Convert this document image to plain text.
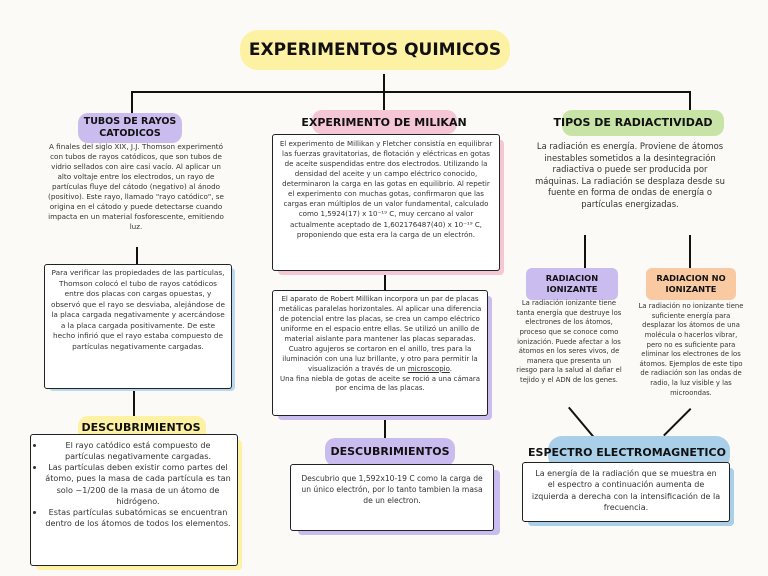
EXPERIMENTOS QUIMICOS
TUBOS DE RAYOS CATODICOS
A finales del siglo XIX, J.J. Thomson experimentó con tubos de rayos catódicos, que son tubos de vidrio sellados con aire casi vacío. Al aplicar un alto voltaje entre los electrodos, un rayo de partículas fluye del cátodo (negativo) al ánodo (positivo). Este rayo, llamado "rayo catódico", se origina en el cátodo y puede detectarse cuando impacta en un material fosforescente, emitiendo luz.
Para verificar las propiedades de las partículas, Thomson colocó el tubo de rayos catódicos entre dos placas con cargas opuestas, y observó que el rayo se desviaba, alejándose de la placa cargada negativamente y acercándose a la placa cargada positivamente. De este hecho infirió que el rayo estaba compuesto de partículas negativamente cargadas.
DESCUBRIMIENTOS
• El rayo catódico está compuesto de partículas negativamente cargadas.
• Las partículas deben existir como partes del átomo, pues la masa de cada partícula es tan solo ~1/200 de la masa de un átomo de hidrógeno.
• Estas partículas subatómicas se encuentran dentro de los átomos de todos los elementos.
EXPERIMENTO DE MILIKAN
El experimento de Millikan y Fletcher consistía en equilibrar las fuerzas gravitatorias, de flotación y eléctricas en gotas de aceite suspendidas entre dos electrodos. Utilizando la densidad del aceite y un campo eléctrico conocido, determinaron la carga en las gotas en equilibrio. Al repetir el experimento con muchas gotas, confirmaron que las cargas eran múltiplos de un valor fundamental, calculado como 1,5924(17) x 10⁻¹⁹ C, muy cercano al valor actualmente aceptado de 1,602176487(40) x 10⁻¹⁹ C, proponiendo que esta era la carga de un electrón.
El aparato de Robert Millikan incorpora un par de placas metálicas paralelas horizontales. Al aplicar una diferencia de potencial entre las placas, se crea un campo eléctrico uniforme en el espacio entre ellas. Se utilizó un anillo de material aislante para mantener las placas separadas. Cuatro agujeros se cortaron en el anillo, tres para la iluminación con una luz brillante, y otro para permitir la visualización a través de un microscopio.
Una fina niebla de gotas de aceite se roció a una cámara por encima de las placas.
DESCUBRIMIENTOS
Descubrio que 1,592x10-19 C como la carga de un único electrón, por lo tanto tambien la masa de un electron.
TIPOS DE RADIACTIVIDAD
La radiación es energía. Proviene de átomos inestables sometidos a la desintegración radiactiva o puede ser producida por máquinas. La radiación se desplaza desde su fuente en forma de ondas de energía o partículas energizadas.
RADIACION IONIZANTE
La radiación ionizante tiene tanta energía que destruye los electrones de los átomos, proceso que se conoce como ionización. Puede afectar a los átomos en los seres vivos, de manera que presenta un riesgo para la salud al dañar el tejido y el ADN de los genes.
RADIACION NO IONIZANTE
La radiación no ionizante tiene suficiente energía para desplazar los átomos de una molécula o hacerlos vibrar, pero no es suficiente para eliminar los electrones de los átomos. Ejemplos de este tipo de radiación son las ondas de radio, la luz visible y las microondas.
ESPECTRO ELECTROMAGNETICO
La energía de la radiación que se muestra en el espectro a continuación aumenta de izquierda a derecha con la intensificación de la frecuencia.
